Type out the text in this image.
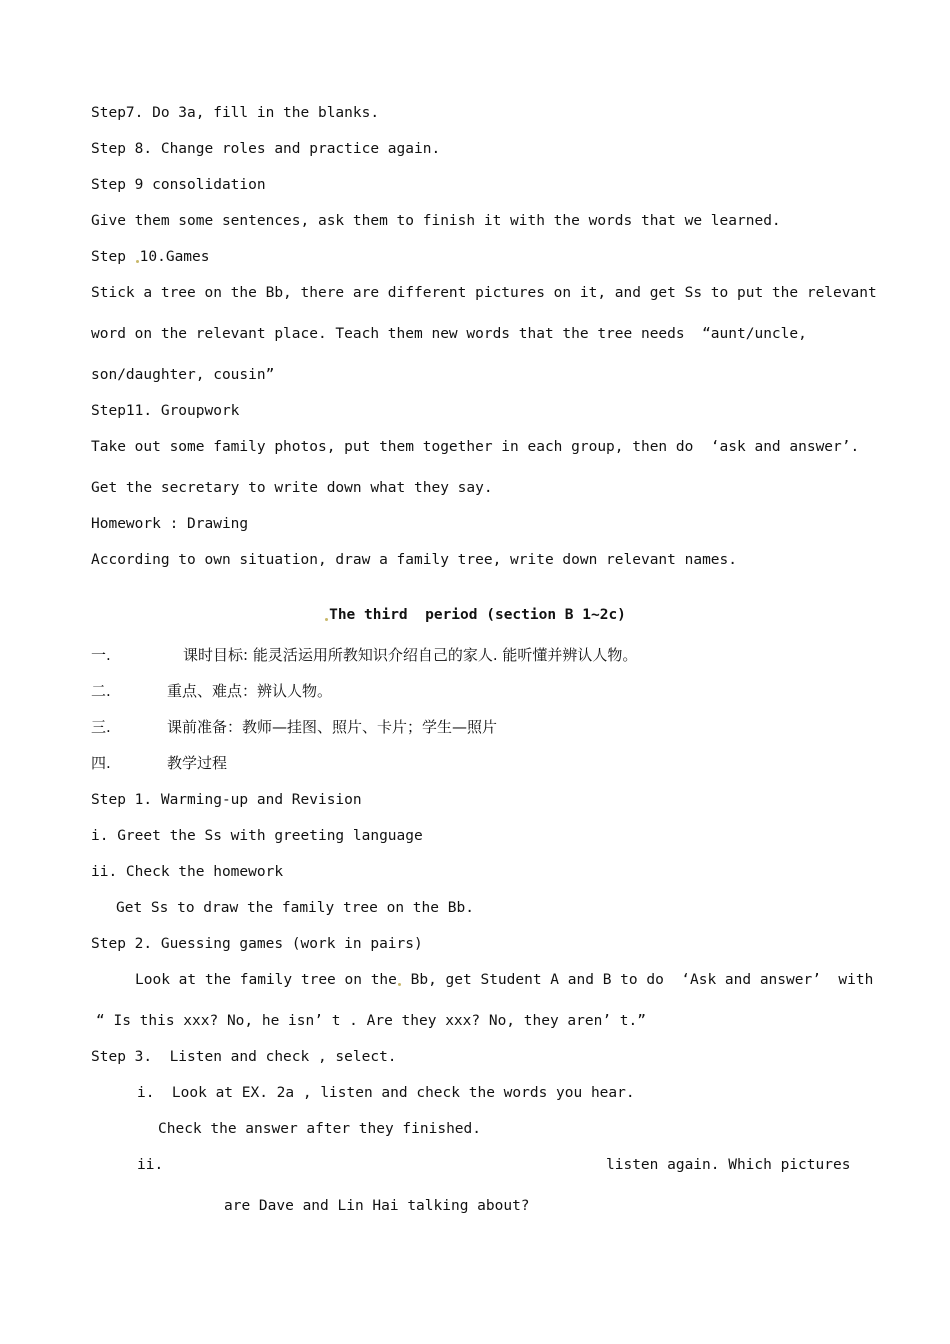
Step7. Do 3a, fill in the blanks.
Step 8. Change roles and practice again.
Step 9 consolidation
Give them some sentences, ask them to finish it with the words that we learned.
Step 10.Games
Stick a tree on the Bb, there are different pictures on it, and get Ss to put the relevant
word on the relevant place. Teach them new words that the tree needs  “aunt/uncle,
son/daughter, cousin”
Step11. Groupwork
Take out some family photos, put them together in each group, then do  ‘ask and answer’.
Get the secretary to write down what they say.
Homework : Drawing
According to own situation, draw a family tree, write down relevant names.
The third  period (section B 1~2c)
一.	课时目标: 能灵活运用所教知识介绍自己的家人. 能听懂并辨认人物。
二.	重点、难点：辨认人物。
三.	课前准备：教师—挂图、照片、卡片；学生—照片
四.	教学过程
Step 1. Warming-up and Revision
i. Greet the Ss with greeting language
ii. Check the homework
Get Ss to draw the family tree on the Bb.
Step 2. Guessing games (work in pairs)
Look at the family tree on the Bb, get Student A and B to do  ‘Ask and answer’  with
“ Is this xxx? No, he isn’ t . Are they xxx? No, they aren’ t.”
Step 3.  Listen and check , select.
i.  Look at EX. 2a , listen and check the words you hear.
Check the answer after they finished.
ii.	listen again. Which pictures
are Dave and Lin Hai talking about?
